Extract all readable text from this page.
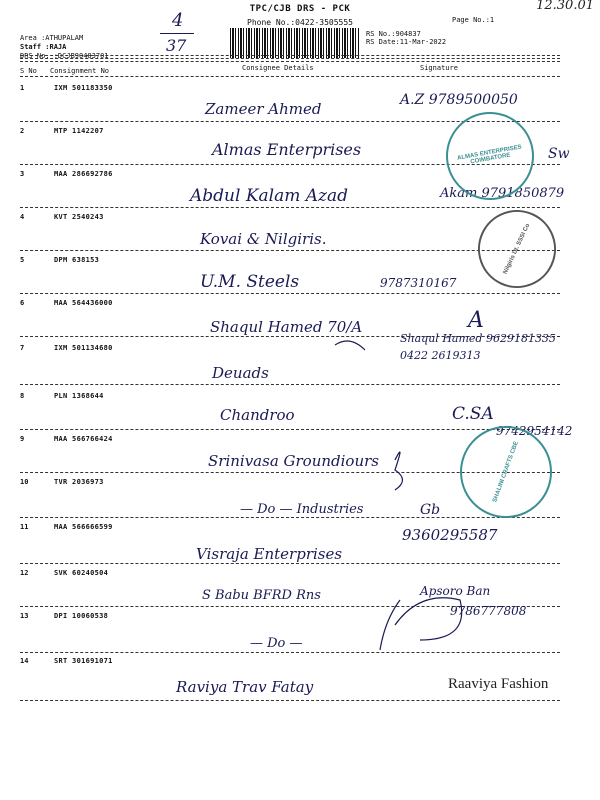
12.30.01
TPC/CJB DRS - PCK
Phone No.:0422-3505555	Page No.:1
Area :ATHUPALAM
Staff :RAJA
DRS No. :DCJB90483701
RS No.:904837
RS Date:11-Mar-2022
4
37
S No Consignment No	Consignee Details	Signature
1	IXM 501183350
Zameer Ahmed	A.Z 9789500050
2	MTP 1142207
Almas Enterprises	Sw
3	MAA 286692786
Abdul Kalam Azad	Akam 9791850879
4	KVT 2540243
Kovai & Nilgiris.
5	DPM 638153
U.M. Steels	9787310167
6	MAA 564436000
Shaqul Hamed 70/A	A
7	IXM 501134680
Deuads
Shaqul Hamed 9629181335 0422 2619313
8	PLN 1368644
Chandroo	C.SA
9	MAA 566766424
Srinivasa Groundiours
9742954142
10	TVR 2036973
— Do — Industries	Gb
11	MAA 566666599
Visraja Enterprises
9360295587
12	SVK 60240504
S Babu BFRD Rns	Apsoro Ban
13	DPI 10060538
— Do —
9786777808
14	SRT 301691071
Raviya Trav Fatay	Raaviya Fashion
ALMAS ENTERPRISES COIMBATORE
Nilgiris Dt. SSSI Co
SHALINI CRAFTS CBE
